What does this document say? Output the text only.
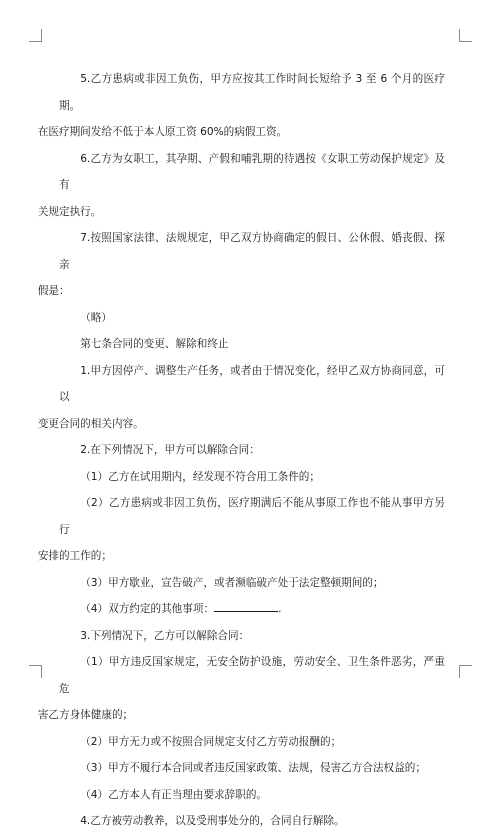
5.乙方患病或非因工负伤，甲方应按其工作时间长短给予 3 至 6 个月的医疗期。
在医疗期间发给不低于本人原工资 60%的病假工资。

6.乙方为女职工，其孕期、产假和哺乳期的待遇按《女职工劳动保护规定》及有
关规定执行。

7.按照国家法律、法规规定，甲乙双方协商确定的假日、公休假、婚丧假、探亲
假是：

（略）

第七条合同的变更、解除和终止

1.甲方因停产、调整生产任务，或者由于情况变化，经甲乙双方协商同意，可以
变更合同的相关内容。

2.在下列情况下，甲方可以解除合同：

（1）乙方在试用期内，经发现不符合用工条件的；

（2）乙方患病或非因工负伤，医疗期满后不能从事原工作也不能从事甲方另行
安排的工作的；

（3）甲方歇业，宣告破产，或者濒临破产处于法定整顿期间的；

（4）双方约定的其他事项：	.

3.下列情况下，乙方可以解除合同：

（1）甲方违反国家规定，无安全防护设施，劳动安全、卫生条件恶劣，严重危
害乙方身体健康的；

（2）甲方无力或不按照合同规定支付乙方劳动报酬的；

（3）甲方不履行本合同或者违反国家政策、法规，侵害乙方合法权益的；

（4）乙方本人有正当理由要求辞职的。

4.乙方被劳动教养，以及受刑事处分的，合同自行解除。
